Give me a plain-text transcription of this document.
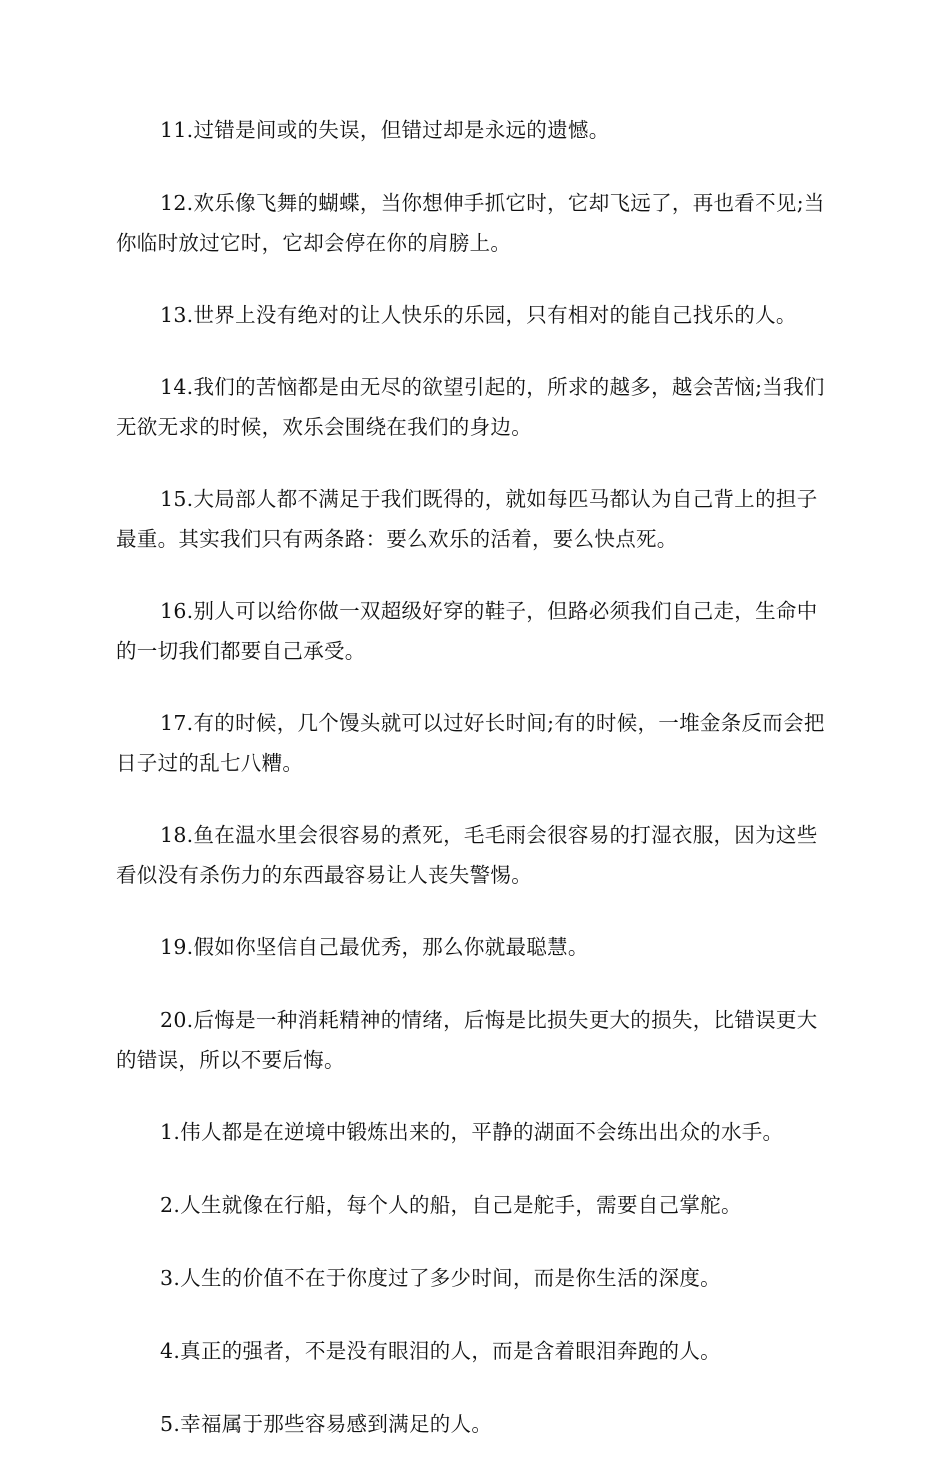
11.过错是间或的失误，但错过却是永远的遗憾。

12.欢乐像飞舞的蝴蝶，当你想伸手抓它时，它却飞远了，再也看不见;当你临时放过它时，它却会停在你的肩膀上。

13.世界上没有绝对的让人快乐的乐园，只有相对的能自己找乐的人。

14.我们的苦恼都是由无尽的欲望引起的，所求的越多，越会苦恼;当我们无欲无求的时候，欢乐会围绕在我们的身边。

15.大局部人都不满足于我们既得的，就如每匹马都认为自己背上的担子最重。其实我们只有两条路：要么欢乐的活着，要么快点死。

16.别人可以给你做一双超级好穿的鞋子，但路必须我们自己走，生命中的一切我们都要自己承受。

17.有的时候，几个馒头就可以过好长时间;有的时候，一堆金条反而会把日子过的乱七八糟。

18.鱼在温水里会很容易的煮死，毛毛雨会很容易的打湿衣服，因为这些看似没有杀伤力的东西最容易让人丧失警惕。

19.假如你坚信自己最优秀，那么你就最聪慧。

20.后悔是一种消耗精神的情绪，后悔是比损失更大的损失，比错误更大的错误，所以不要后悔。

1.伟人都是在逆境中锻炼出来的，平静的湖面不会练出出众的水手。

2.人生就像在行船，每个人的船，自己是舵手，需要自己掌舵。

3.人生的价值不在于你度过了多少时间，而是你生活的深度。

4.真正的强者，不是没有眼泪的人，而是含着眼泪奔跑的人。

5.幸福属于那些容易感到满足的人。
